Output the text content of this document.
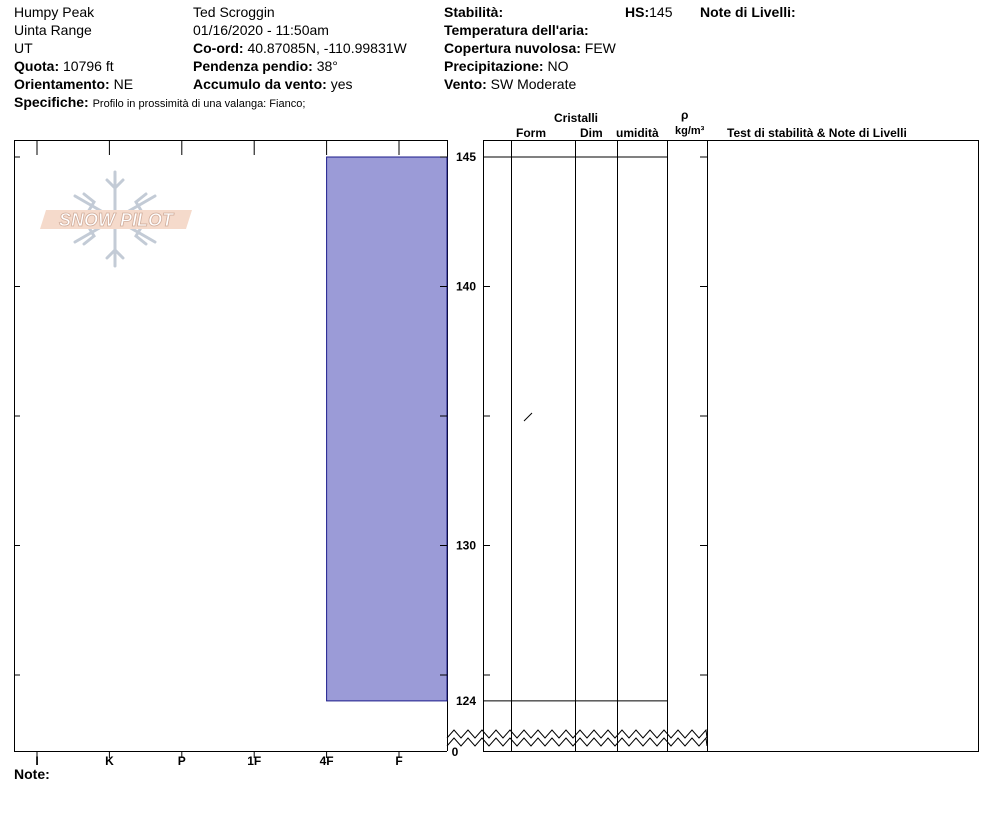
Humpy Peak
Uinta Range
UT
Quota: 10796 ft
Orientamento: NE
Specifiche: Profilo in prossimità di una valanga: Fianco;
Ted Scroggin
01/16/2020 - 11:50am
Co-ord: 40.87085N, -110.99831W
Pendenza pendio: 38°
Accumulo da vento: yes
Stabilità:
Temperatura dell'aria:
Copertura nuvolosa: FEW
Precipitazione: NO
Vento: SW Moderate
HS:145 Note di Livelli:
Cristalli
Form	Dim umidità
ρ
kg/m³ Test di stabilità & Note di Livelli
SNOW PILOT
I	K	P	1F	4F	F
145
140
130
124
0
Note:
